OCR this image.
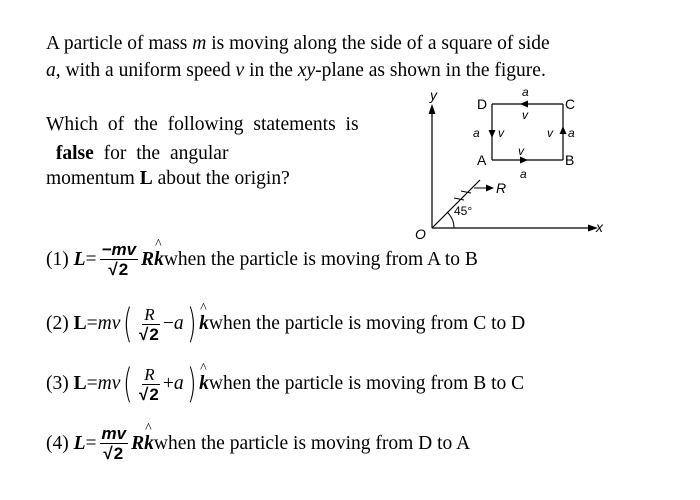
A particle of mass m is moving along the side of a square of side
a, with a uniform speed v in the xy-plane as shown in the figure.
Which of the following statements is
false for the angular
momentum L about the origin?
y
x
O
R
45°
D	C
A	B
a
v
a v	v a
v
a
(1)
$L = \frac{-mv}{√2}$ R ^ k when the particle is moving from A to B
(2)
L = mv ( $\frac{R}{√2} - a$ ) ^ k when the particle is moving from C to D
(3)
L = mv ( $\frac{R}{√2} + a$ ) ^ k when the particle is moving from B to C
(4)
$L = \frac{mv}{√2}$ R ^ k when the particle is moving from D to A
